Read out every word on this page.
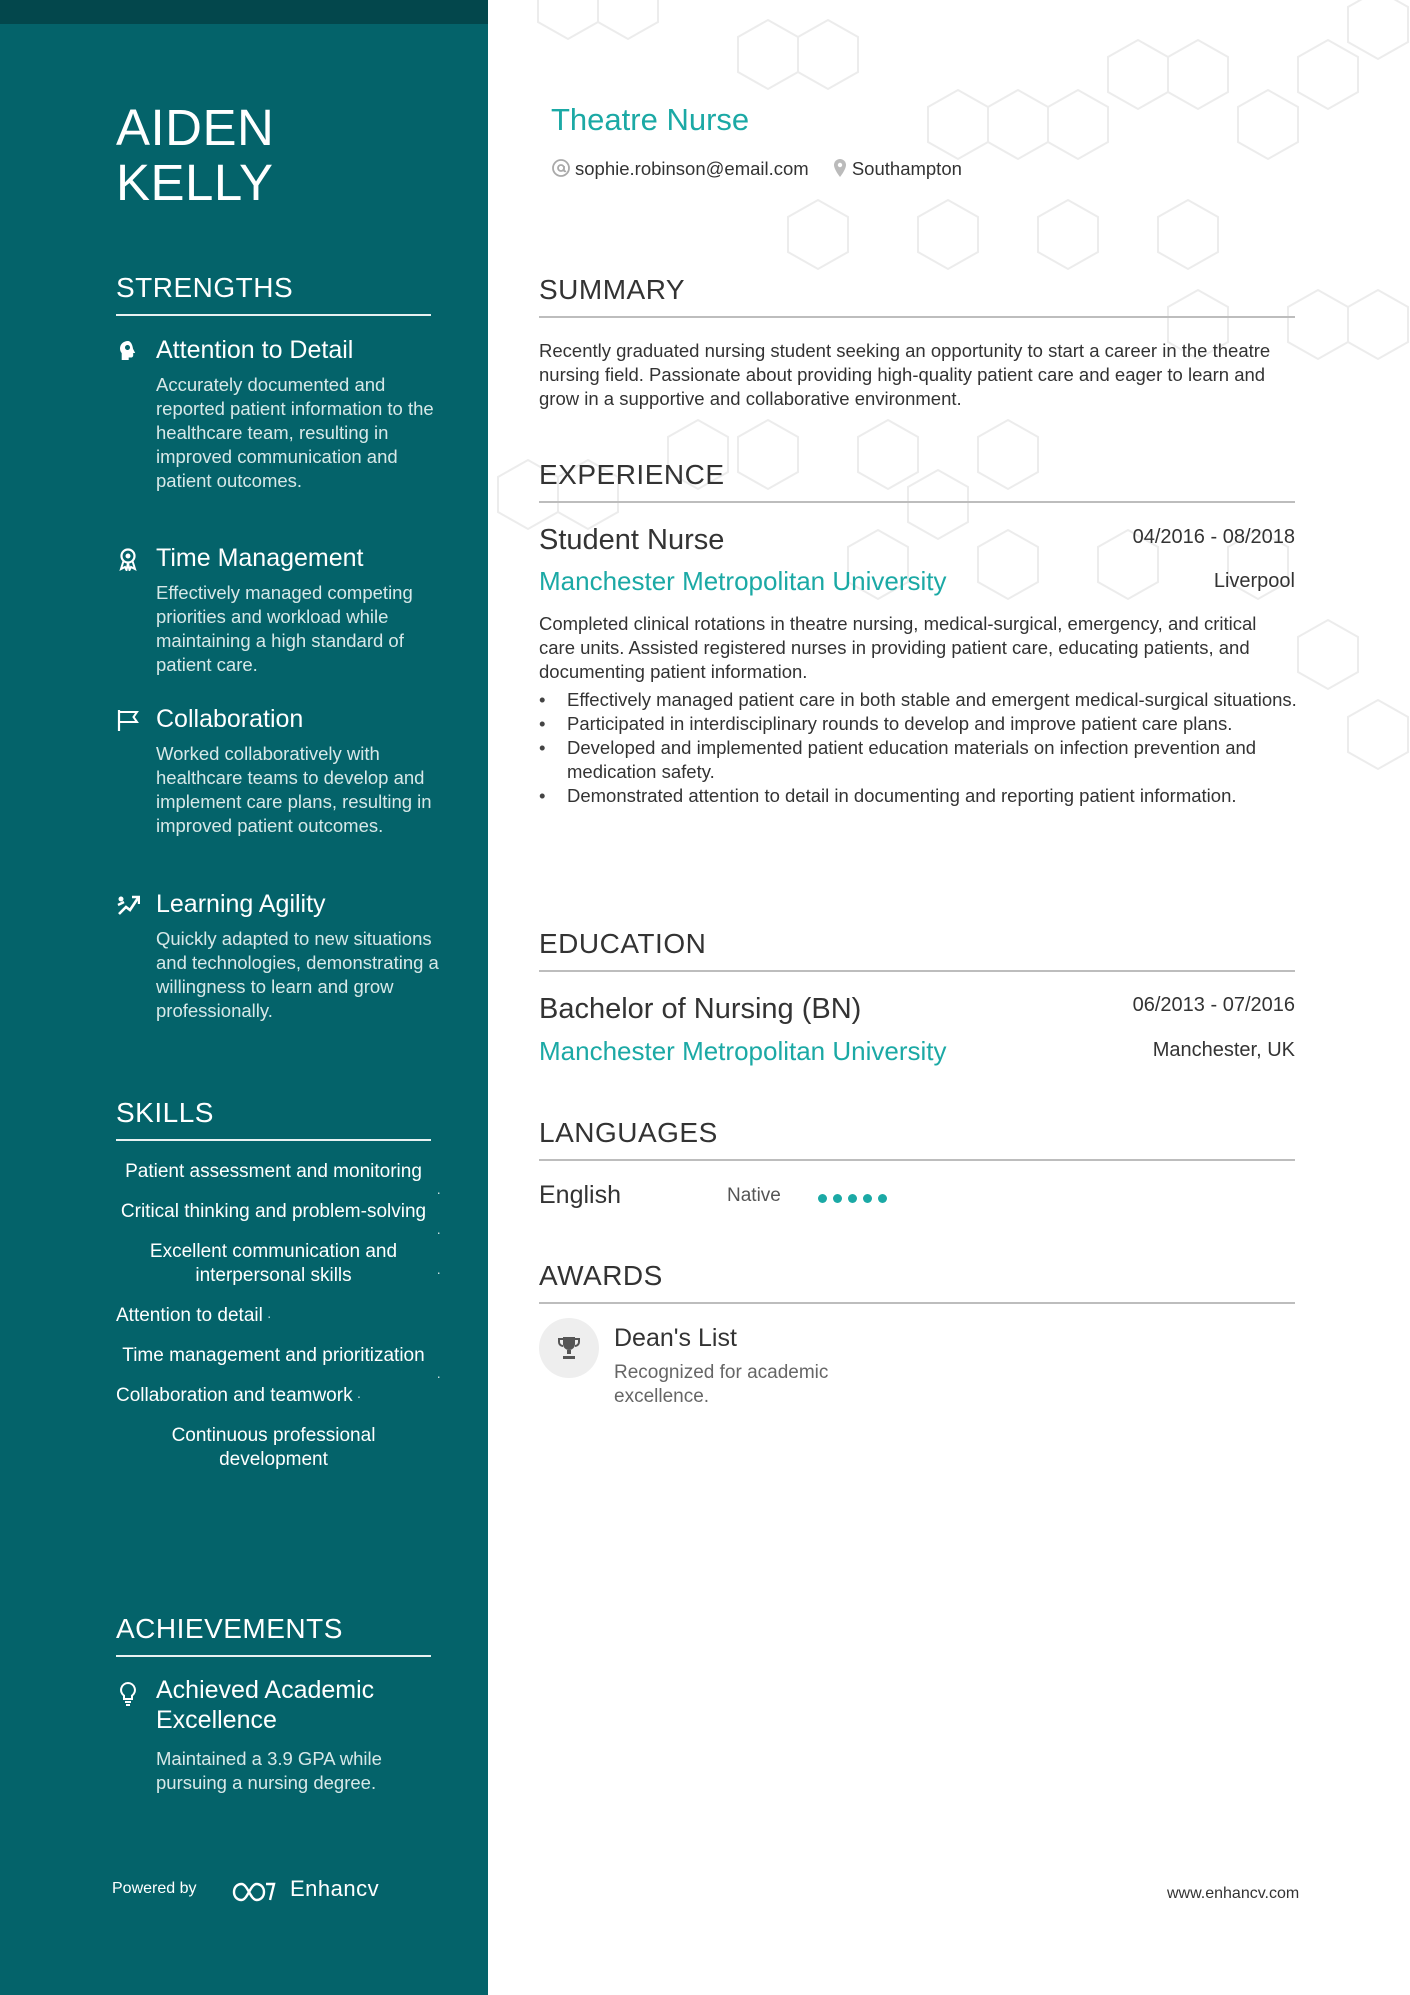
AIDEN
KELLY
STRENGTHS
Attention to Detail
Accurately documented and reported patient information to the healthcare team, resulting in improved communication and patient outcomes.
Time Management
Effectively managed competing priorities and workload while maintaining a high standard of patient care.
Collaboration
Worked collaboratively with healthcare teams to develop and implement care plans, resulting in improved patient outcomes.
Learning Agility
Quickly adapted to new situations and technologies, demonstrating a willingness to learn and grow professionally.
SKILLS
Patient assessment and monitoring
·
Critical thinking and problem-solving
·
Excellent communication and interpersonal skills	·
Attention to detail ·
Time management and prioritization
·
Collaboration and teamwork ·
Continuous professional development
ACHIEVEMENTS
Achieved Academic Excellence
Maintained a 3.9 GPA while pursuing a nursing degree.
Powered by	Enhancv
Theatre Nurse
sophie.robinson@email.com Southampton
SUMMARY

Recently graduated nursing student seeking an opportunity to start a career in the theatre nursing field. Passionate about providing high-quality patient care and eager to learn and grow in a supportive and collaborative environment.

EXPERIENCE
Student Nurse	04/2016 - 08/2018
Manchester Metropolitan University	Liverpool

Completed clinical rotations in theatre nursing, medical-surgical, emergency, and critical care units. Assisted registered nurses in providing patient care, educating patients, and documenting patient information.

• Effectively managed patient care in both stable and emergent medical-surgical situations.
• Participated in interdisciplinary rounds to develop and improve patient care plans.
• Developed and implemented patient education materials on infection prevention and medication safety.
• Demonstrated attention to detail in documenting and reporting patient information.
EDUCATION
Bachelor of Nursing (BN)	06/2013 - 07/2016
Manchester Metropolitan University	Manchester, UK
LANGUAGES
English	Native
AWARDS
Dean's List
Recognized for academic excellence.
www.enhancv.com
